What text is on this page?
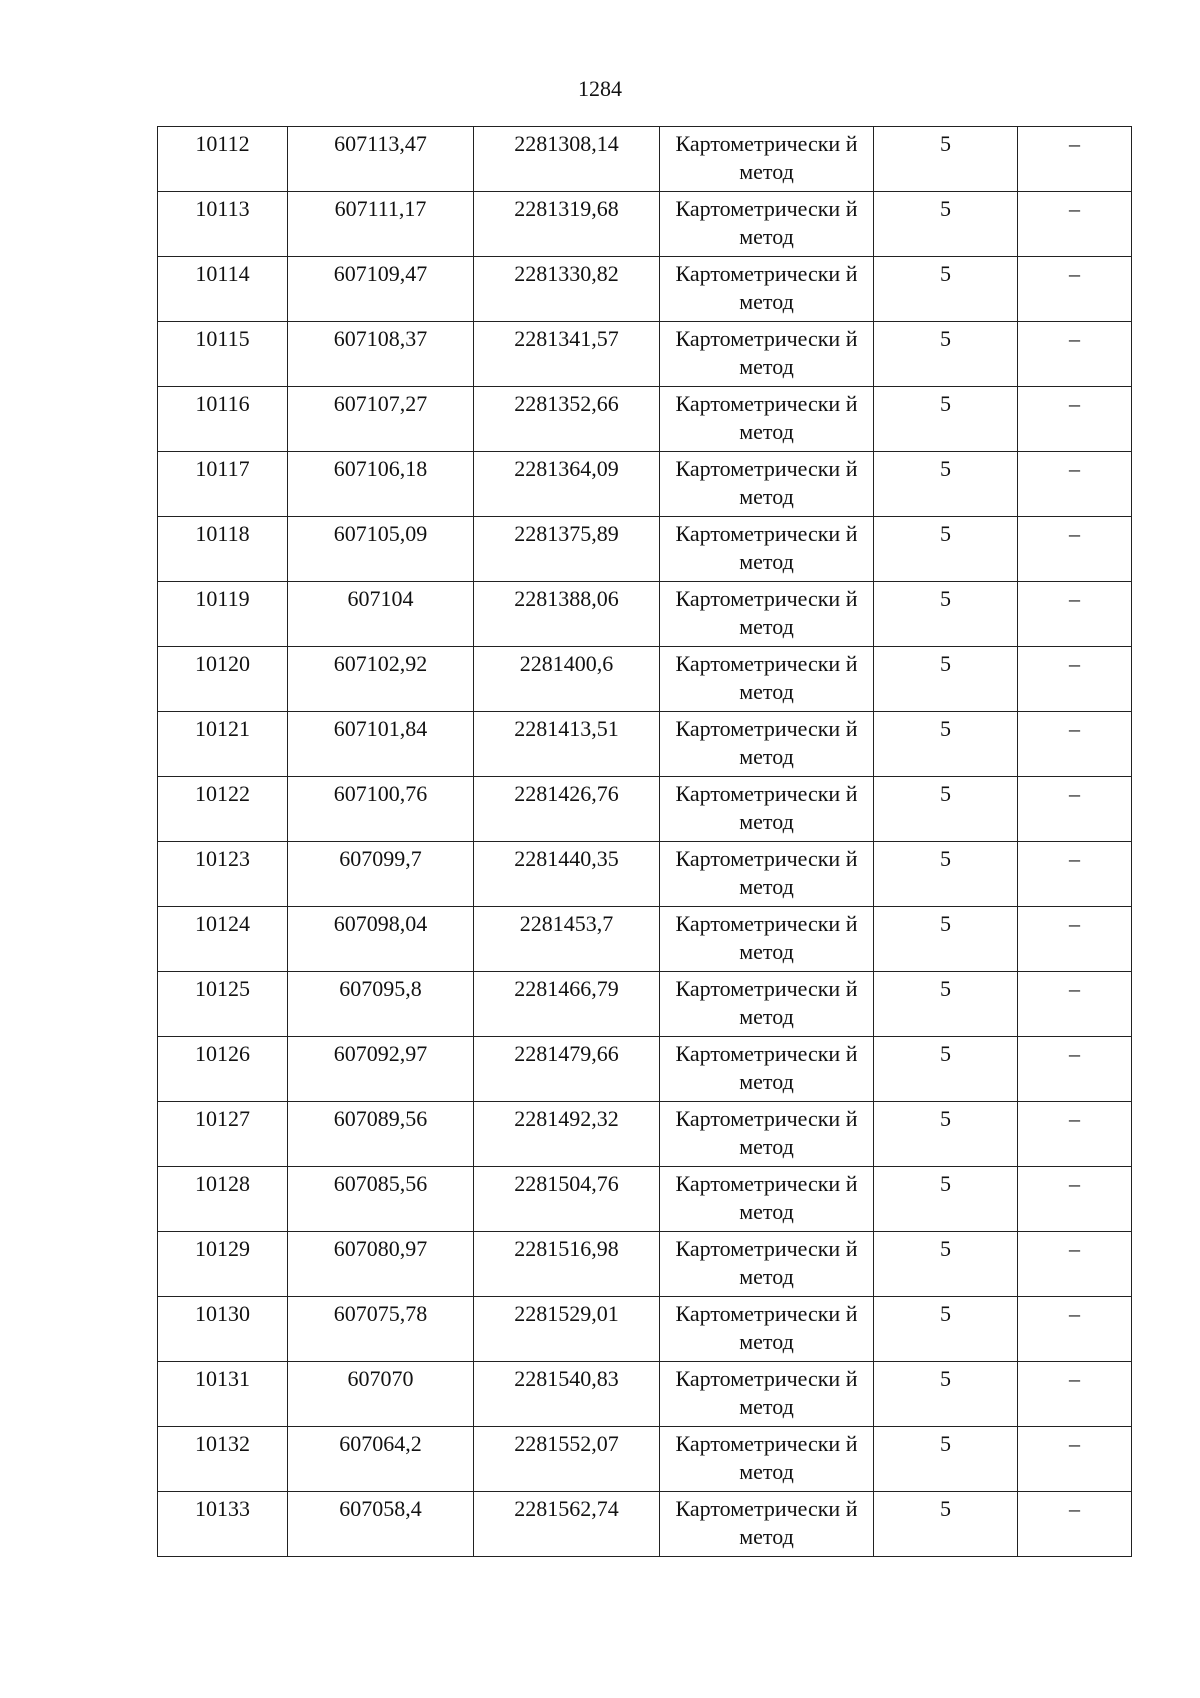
1284
10112	607113,47	2281308,14	Картометрически й метод	5	–

10113	607111,17	2281319,68	Картометрически й метод	5	–

10114	607109,47	2281330,82	Картометрически й метод	5	–

10115	607108,37	2281341,57	Картометрически й метод	5	–

10116	607107,27	2281352,66	Картометрически й метод	5	–

10117	607106,18	2281364,09	Картометрически й метод	5	–

10118	607105,09	2281375,89	Картометрически й метод	5	–

10119	607104	2281388,06	Картометрически й метод	5	–

10120	607102,92	2281400,6	Картометрически й метод	5	–

10121	607101,84	2281413,51	Картометрически й метод	5	–

10122	607100,76	2281426,76	Картометрически й метод	5	–

10123	607099,7	2281440,35	Картометрически й метод	5	–

10124	607098,04	2281453,7	Картометрически й метод	5	–

10125	607095,8	2281466,79	Картометрически й метод	5	–

10126	607092,97	2281479,66	Картометрически й метод	5	–

10127	607089,56	2281492,32	Картометрически й метод	5	–

10128	607085,56	2281504,76	Картометрически й метод	5	–

10129	607080,97	2281516,98	Картометрически й метод	5	–

10130	607075,78	2281529,01	Картометрически й метод	5	–

10131	607070	2281540,83	Картометрически й метод	5	–

10132	607064,2	2281552,07	Картометрически й метод	5	–

10133	607058,4	2281562,74	Картометрически й метод	5	–
